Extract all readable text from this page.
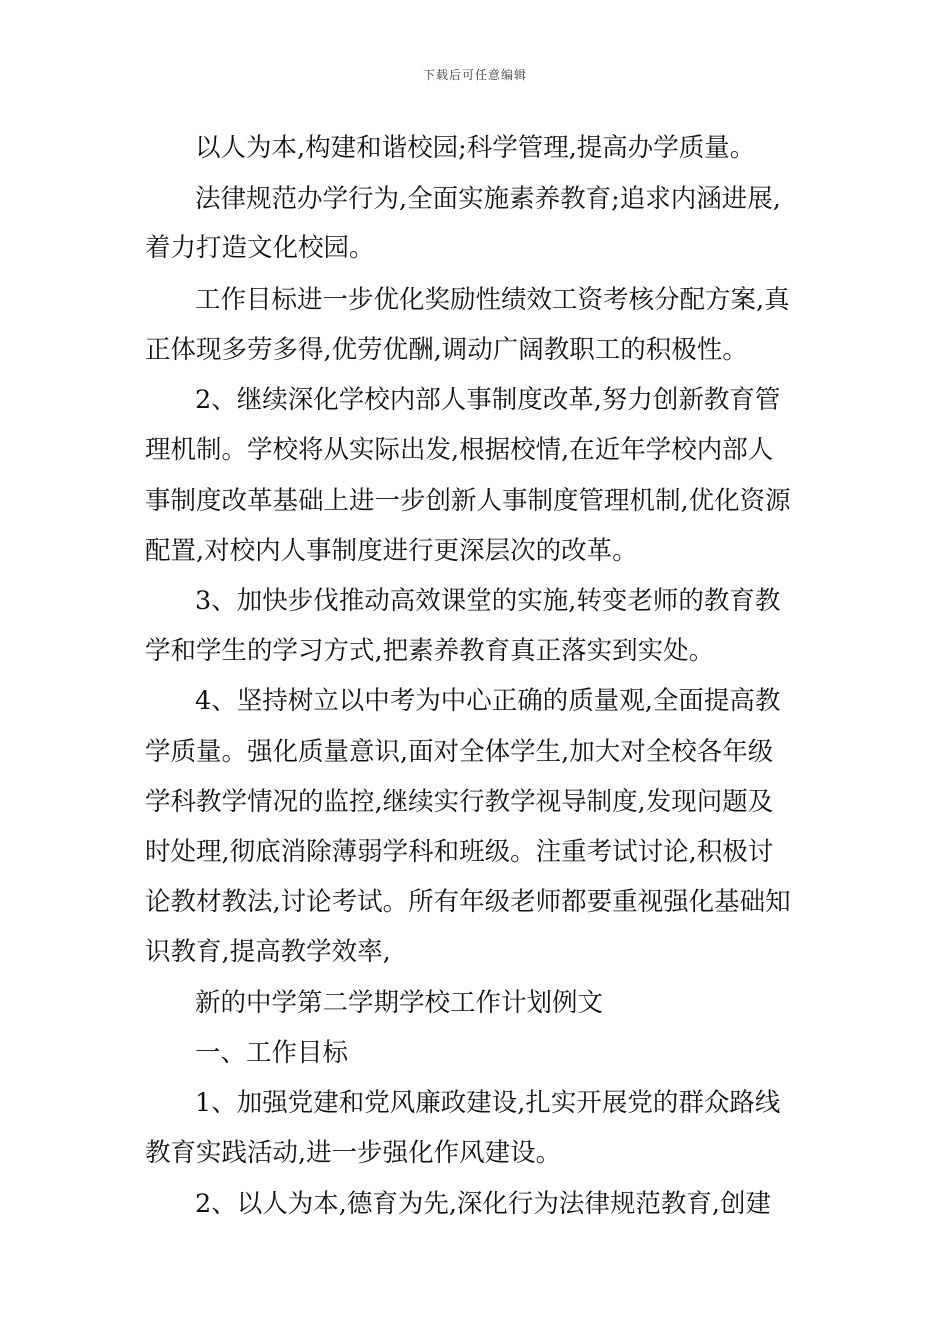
下载后可任意编辑
以人为本,构建和谐校园;科学管理,提高办学质量。
法律规范办学行为,全面实施素养教育;追求内涵进展,
着力打造文化校园。
工作目标进一步优化奖励性绩效工资考核分配方案,真
正体现多劳多得,优劳优酬,调动广阔教职工的积极性。
2、继续深化学校内部人事制度改革,努力创新教育管
理机制。学校将从实际出发,根据校情,在近年学校内部人
事制度改革基础上进一步创新人事制度管理机制,优化资源
配置,对校内人事制度进行更深层次的改革。
3、加快步伐推动高效课堂的实施,转变老师的教育教
学和学生的学习方式,把素养教育真正落实到实处。
4、坚持树立以中考为中心正确的质量观,全面提高教
学质量。强化质量意识,面对全体学生,加大对全校各年级
学科教学情况的监控,继续实行教学视导制度,发现问题及
时处理,彻底消除薄弱学科和班级。注重考试讨论,积极讨
论教材教法,讨论考试。所有年级老师都要重视强化基础知
识教育,提高教学效率,
新的中学第二学期学校工作计划例文
一、工作目标
1、加强党建和党风廉政建设,扎实开展党的群众路线
教育实践活动,进一步强化作风建设。
2、以人为本,德育为先,深化行为法律规范教育,创建
